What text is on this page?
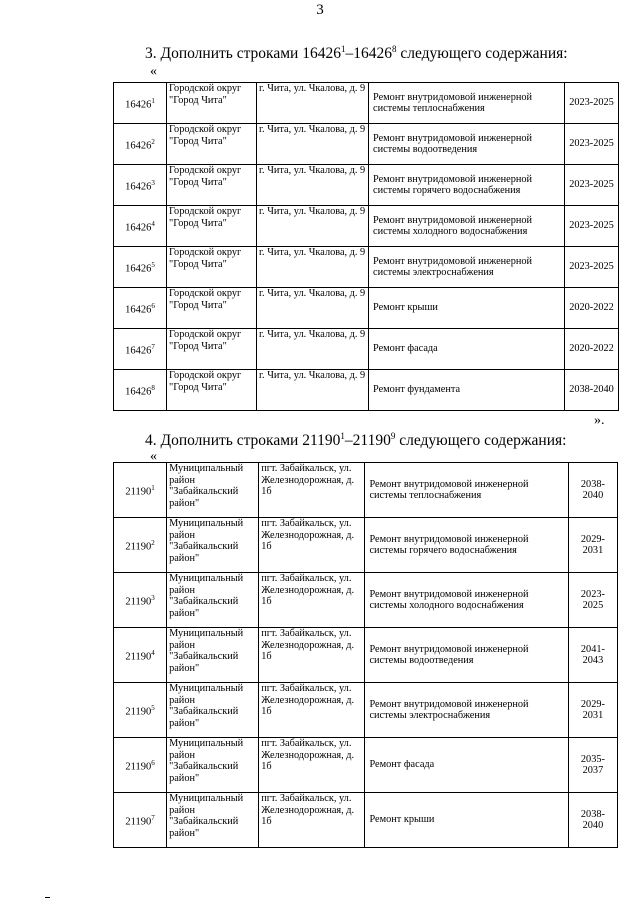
3
3. Дополнить строками 16426$^1$–16426$^8$ следующего содержания:
«
16426$^1$	Городской округ "Город Чита"	г. Чита, ул. Чкалова, д. 9	Ремонт внутридомовой инженерной системы теплоснабжения	2023-2025
16426$^2$	Городской округ "Город Чита"	г. Чита, ул. Чкалова, д. 9	Ремонт внутридомовой инженерной системы водоотведения	2023-2025
16426$^3$	Городской округ "Город Чита"	г. Чита, ул. Чкалова, д. 9	Ремонт внутридомовой инженерной системы горячего водоснабжения	2023-2025
16426$^4$	Городской округ "Город Чита"	г. Чита, ул. Чкалова, д. 9	Ремонт внутридомовой инженерной системы холодного водоснабжения	2023-2025
16426$^5$	Городской округ "Город Чита"	г. Чита, ул. Чкалова, д. 9	Ремонт внутридомовой инженерной системы электроснабжения	2023-2025
16426$^6$	Городской округ "Город Чита"	г. Чита, ул. Чкалова, д. 9	Ремонт крыши	2020-2022
16426$^7$	Городской округ "Город Чита"	г. Чита, ул. Чкалова, д. 9	Ремонт фасада	2020-2022
16426$^8$	Городской округ "Город Чита"	г. Чита, ул. Чкалова, д. 9	Ремонт фундамента	2038-2040
».
4. Дополнить строками 21190$^1$–21190$^9$ следующего содержания:
«
21190$^1$	Муниципальный район "Забайкальский район"	пгт. Забайкальск, ул. Железнодорожная, д. 1б	Ремонт внутридомовой инженерной системы теплоснабжения	2038-2040
21190$^2$	Муниципальный район "Забайкальский район"	пгт. Забайкальск, ул. Железнодорожная, д. 1б	Ремонт внутридомовой инженерной системы горячего водоснабжения	2029-2031
21190$^3$	Муниципальный район "Забайкальский район"	пгт. Забайкальск, ул. Железнодорожная, д. 1б	Ремонт внутридомовой инженерной системы холодного водоснабжения	2023-2025
21190$^4$	Муниципальный район "Забайкальский район"	пгт. Забайкальск, ул. Железнодорожная, д. 1б	Ремонт внутридомовой инженерной системы водоотведения	2041-2043
21190$^5$	Муниципальный район "Забайкальский район"	пгт. Забайкальск, ул. Железнодорожная, д. 1б	Ремонт внутридомовой инженерной системы электроснабжения	2029-2031
21190$^6$	Муниципальный район "Забайкальский район"	пгт. Забайкальск, ул. Железнодорожная, д. 1б	Ремонт фасада	2035-2037
21190$^7$	Муниципальный район "Забайкальский район"	пгт. Забайкальск, ул. Железнодорожная, д. 1б	Ремонт крыши	2038-2040
